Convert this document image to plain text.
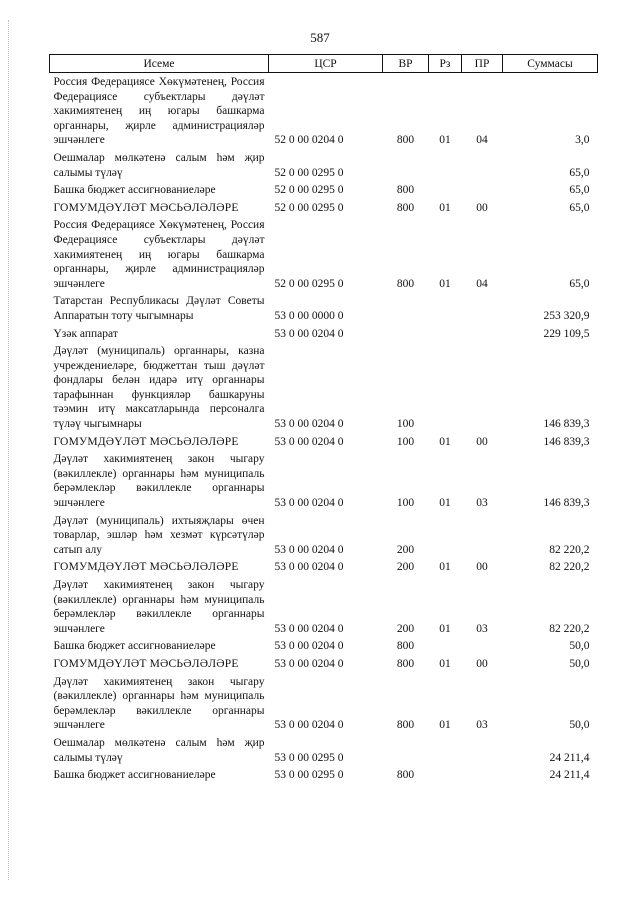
587
Исеме	ЦСР	ВР	Рз	ПР	Суммасы
Россия Федерациясе Хөкүмәтенең, Россия Федерациясе субъектлары дәүләт хакимиятенең иң югары башкарма органнары, җирле администрацияләр эшчәнлеге	52 0 00 0204 0	800	01	04	3,0
Оешмалар мөлкәтенә салым һәм җир салымы түләү	52 0 00 0295 0				65,0
Башка бюджет ассигнованиеләре	52 0 00 0295 0	800			65,0
ГОМУМДӘҮЛӘТ МӘСЬӘЛӘЛӘРЕ	52 0 00 0295 0	800	01	00	65,0
Россия Федерациясе Хөкүмәтенең, Россия Федерациясе субъектлары дәүләт хакимиятенең иң югары башкарма органнары, җирле администрацияләр эшчәнлеге	52 0 00 0295 0	800	01	04	65,0
Татарстан Республикасы Дәүләт Советы Аппаратын тоту чыгымнары	53 0 00 0000 0				253 320,9
Үзәк аппарат	53 0 00 0204 0				229 109,5
Дәүләт (муниципаль) органнары, казна учреждениеләре, бюджеттан тыш дәүләт фондлары белән идарә итү органнары тарафыннан функцияләр башкаруны тәэмин итү максатларында персоналга түләү чыгымнары	53 0 00 0204 0	100			146 839,3
ГОМУМДӘҮЛӘТ МӘСЬӘЛӘЛӘРЕ	53 0 00 0204 0	100	01	00	146 839,3
Дәүләт хакимиятенең закон чыгару (вәкиллекле) органнары һәм муниципаль берәмлекләр вәкиллекле органнары эшчәнлеге	53 0 00 0204 0	100	01	03	146 839,3
Дәүләт (муниципаль) ихтыяҗлары өчен товарлар, эшләр һәм хезмәт күрсәтүләр сатып алу	53 0 00 0204 0	200			82 220,2
ГОМУМДӘҮЛӘТ МӘСЬӘЛӘЛӘРЕ	53 0 00 0204 0	200	01	00	82 220,2
Дәүләт хакимиятенең закон чыгару (вәкиллекле) органнары һәм муниципаль берәмлекләр вәкиллекле органнары эшчәнлеге	53 0 00 0204 0	200	01	03	82 220,2
Башка бюджет ассигнованиеләре	53 0 00 0204 0	800			50,0
ГОМУМДӘҮЛӘТ МӘСЬӘЛӘЛӘРЕ	53 0 00 0204 0	800	01	00	50,0
Дәүләт хакимиятенең закон чыгару (вәкиллекле) органнары һәм муниципаль берәмлекләр вәкиллекле органнары эшчәнлеге	53 0 00 0204 0	800	01	03	50,0
Оешмалар мөлкәтенә салым һәм җир салымы түләү	53 0 00 0295 0				24 211,4
Башка бюджет ассигнованиеләре	53 0 00 0295 0	800			24 211,4
